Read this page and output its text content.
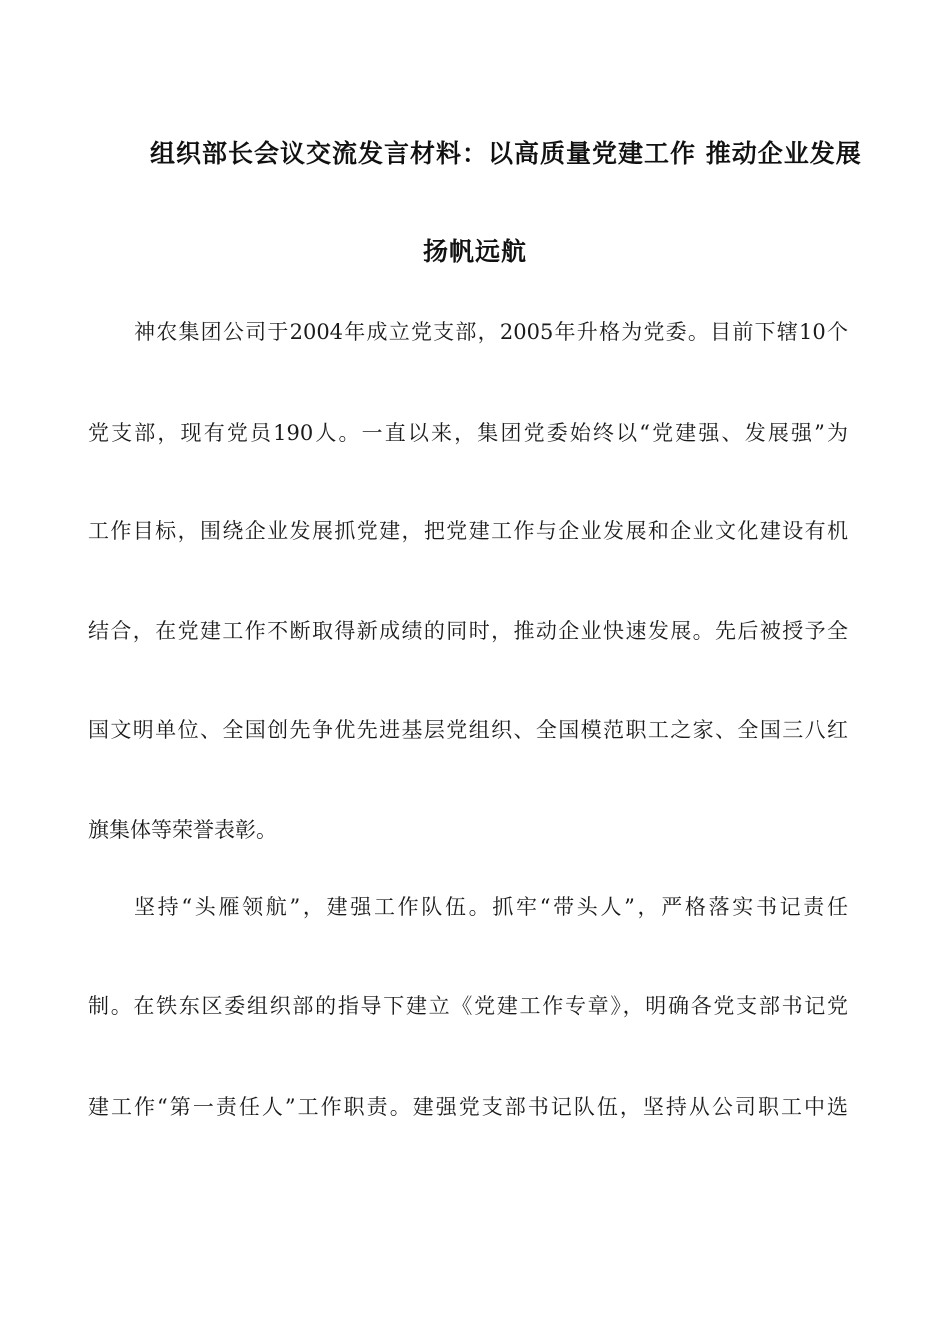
组织部长会议交流发言材料：以高质量党建工作 推动企业发展
扬帆远航
神农集团公司于2004年成立党支部，2005年升格为党委。目前下辖10个
党支部，现有党员190人。一直以来，集团党委始终以“党建强、发展强”为
工作目标，围绕企业发展抓党建，把党建工作与企业发展和企业文化建设有机
结合，在党建工作不断取得新成绩的同时，推动企业快速发展。先后被授予全
国文明单位、全国创先争优先进基层党组织、全国模范职工之家、全国三八红
旗集体等荣誉表彰。
坚持“头雁领航”，建强工作队伍。抓牢“带头人”，严格落实书记责任
制。在铁东区委组织部的指导下建立《党建工作专章》，明确各党支部书记党
建工作“第一责任人”工作职责。建强党支部书记队伍，坚持从公司职工中选
